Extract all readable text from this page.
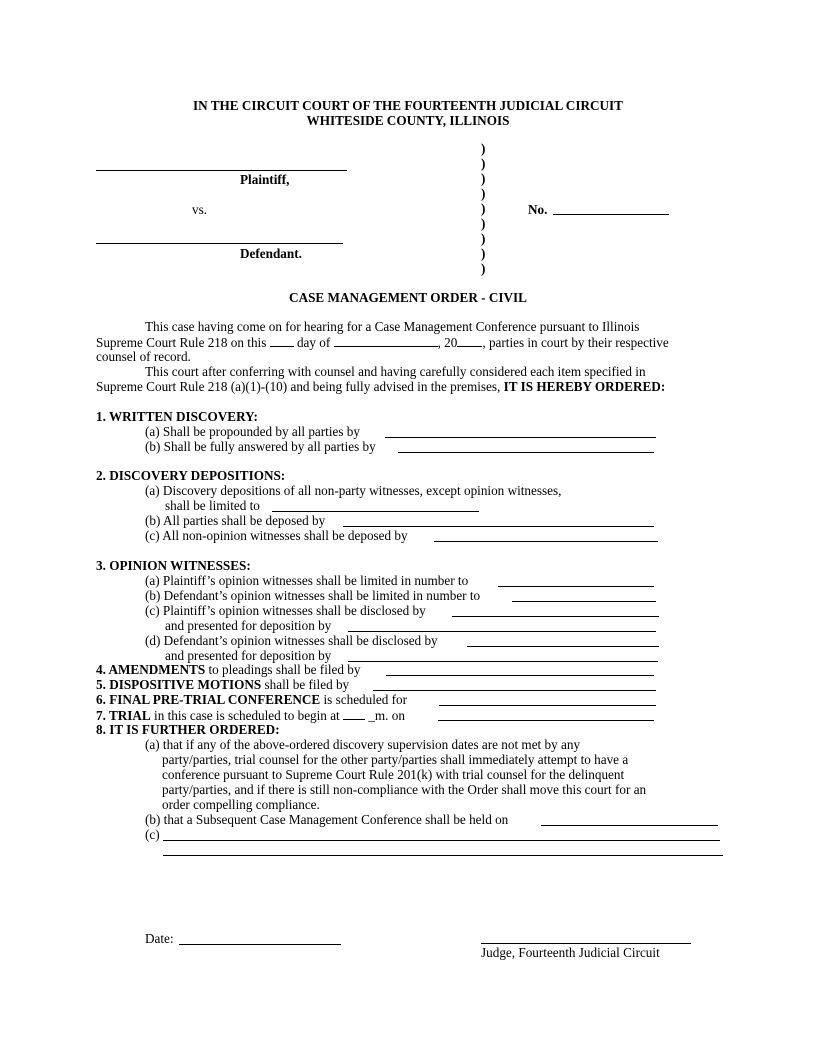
IN THE CIRCUIT COURT OF THE FOURTEENTH JUDICIAL CIRCUIT
WHITESIDE COUNTY, ILLINOIS
Plaintiff,
vs.
Defendant.
)
)
)
)
)
)
)
)
)
No.
CASE MANAGEMENT ORDER - CIVIL
This case having come on for hearing for a Case Management Conference pursuant to Illinois
Supreme Court Rule 218 on this day of	, 20 , parties in court by their respective
counsel of record.
This court after conferring with counsel and having carefully considered each item specified in
Supreme Court Rule 218 (a)(1)-(10) and being fully advised in the premises, IT IS HEREBY ORDERED:
1. WRITTEN DISCOVERY:
(a) Shall be propounded by all parties by
(b) Shall be fully answered by all parties by
2. DISCOVERY DEPOSITIONS:
(a) Discovery depositions of all non-party witnesses, except opinion witnesses,
shall be limited to
(b) All parties shall be deposed by
(c) All non-opinion witnesses shall be deposed by
3. OPINION WITNESSES:
(a) Plaintiff’s opinion witnesses shall be limited in number to
(b) Defendant’s opinion witnesses shall be limited in number to
(c) Plaintiff’s opinion witnesses shall be disclosed by
and presented for deposition by
(d) Defendant’s opinion witnesses shall be disclosed by
and presented for deposition by
4. AMENDMENTS to pleadings shall be filed by
5. DISPOSITIVE MOTIONS shall be filed by
6. FINAL PRE-TRIAL CONFERENCE is scheduled for
7. TRIAL in this case is scheduled to begin at _m. on
8. IT IS FURTHER ORDERED:
(a) that if any of the above-ordered discovery supervision dates are not met by any
party/parties, trial counsel for the other party/parties shall immediately attempt to have a
conference pursuant to Supreme Court Rule 201(k) with trial counsel for the delinquent
party/parties, and if there is still non-compliance with the Order shall move this court for an
order compelling compliance.
(b) that a Subsequent Case Management Conference shall be held on
(c)
Date:
Judge, Fourteenth Judicial Circuit
